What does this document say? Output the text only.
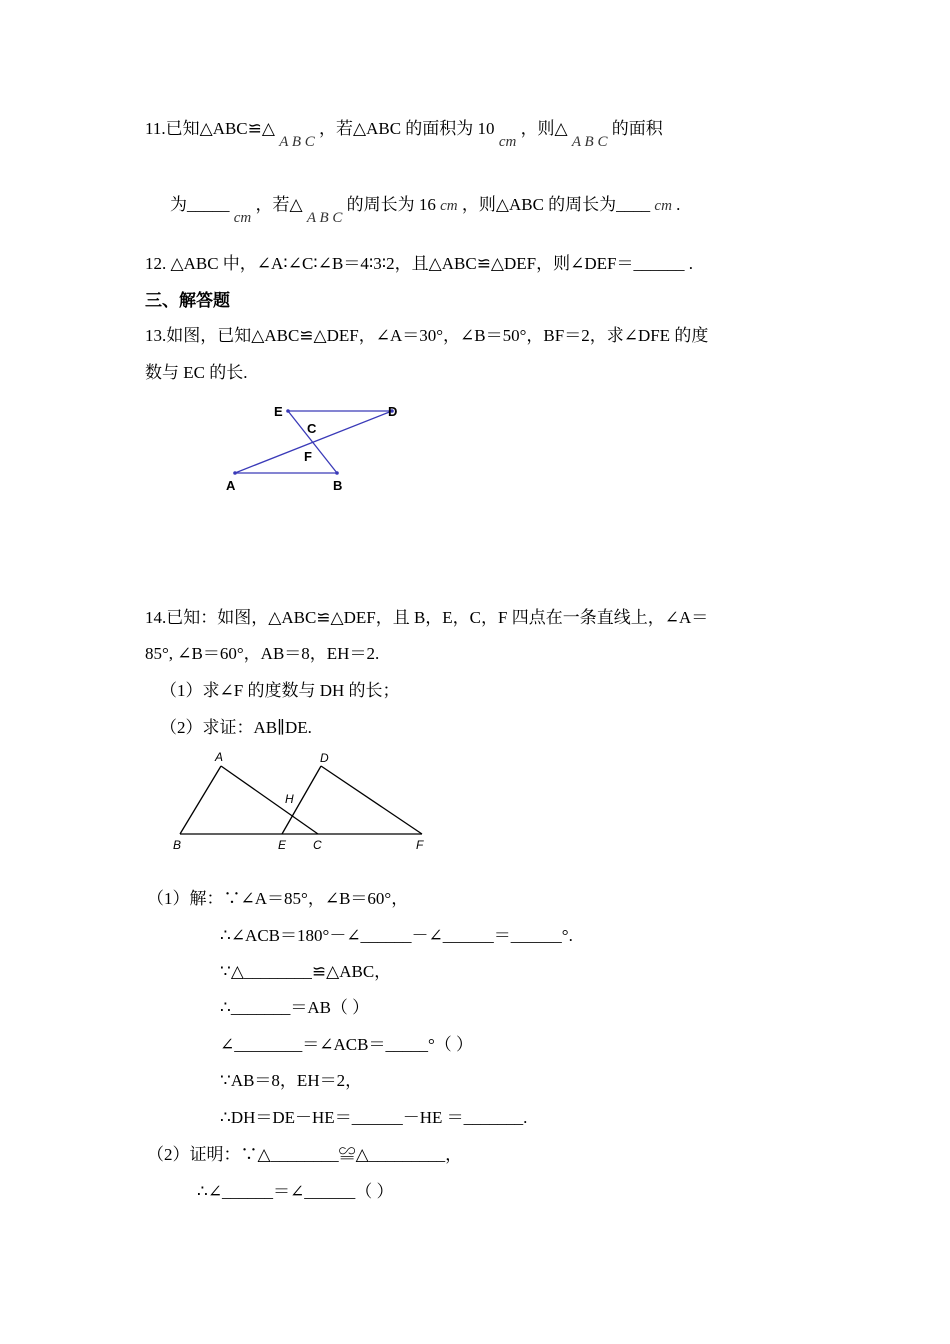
11.已知△ABC≌△ A B C ，若△ABC 的面积为 10 cm ，则△ A B C 的面积
为_____ cm ，若△ A B C 的周长为 16 cm ，则△ABC 的周长为____ cm .
12. △ABC 中，∠A∶∠C∶∠B＝4∶3∶2，且△ABC≌△DEF，则∠DEF＝______ .
三、解答题
13.如图，已知△ABC≌△DEF，∠A＝30°，∠B＝50°，BF＝2，求∠DFE 的度
数与 EC 的长.
E	D
C
F
A	B
14.已知：如图，△ABC≌△DEF，且 B，E，C，F 四点在一条直线上，∠A＝
85°, ∠B＝60°，AB＝8，EH＝2.
（1）求∠F 的度数与 DH 的长；
（2）求证：AB∥DE.
A	D
H
B	E C	F
（1）解：∵∠A＝85°，∠B＝60°，
∴∠ACB＝180°－∠______－∠______＝______°.
∵△________≌△ABC，
∴_______＝AB（ ）
∠________＝∠ACB＝_____°（ ）
∵AB＝8，EH＝2，
∴DH＝DE－HE＝______－HE ＝_______.
（2）证明：∵△________≌△_________，
∴∠______＝∠______（ ）
